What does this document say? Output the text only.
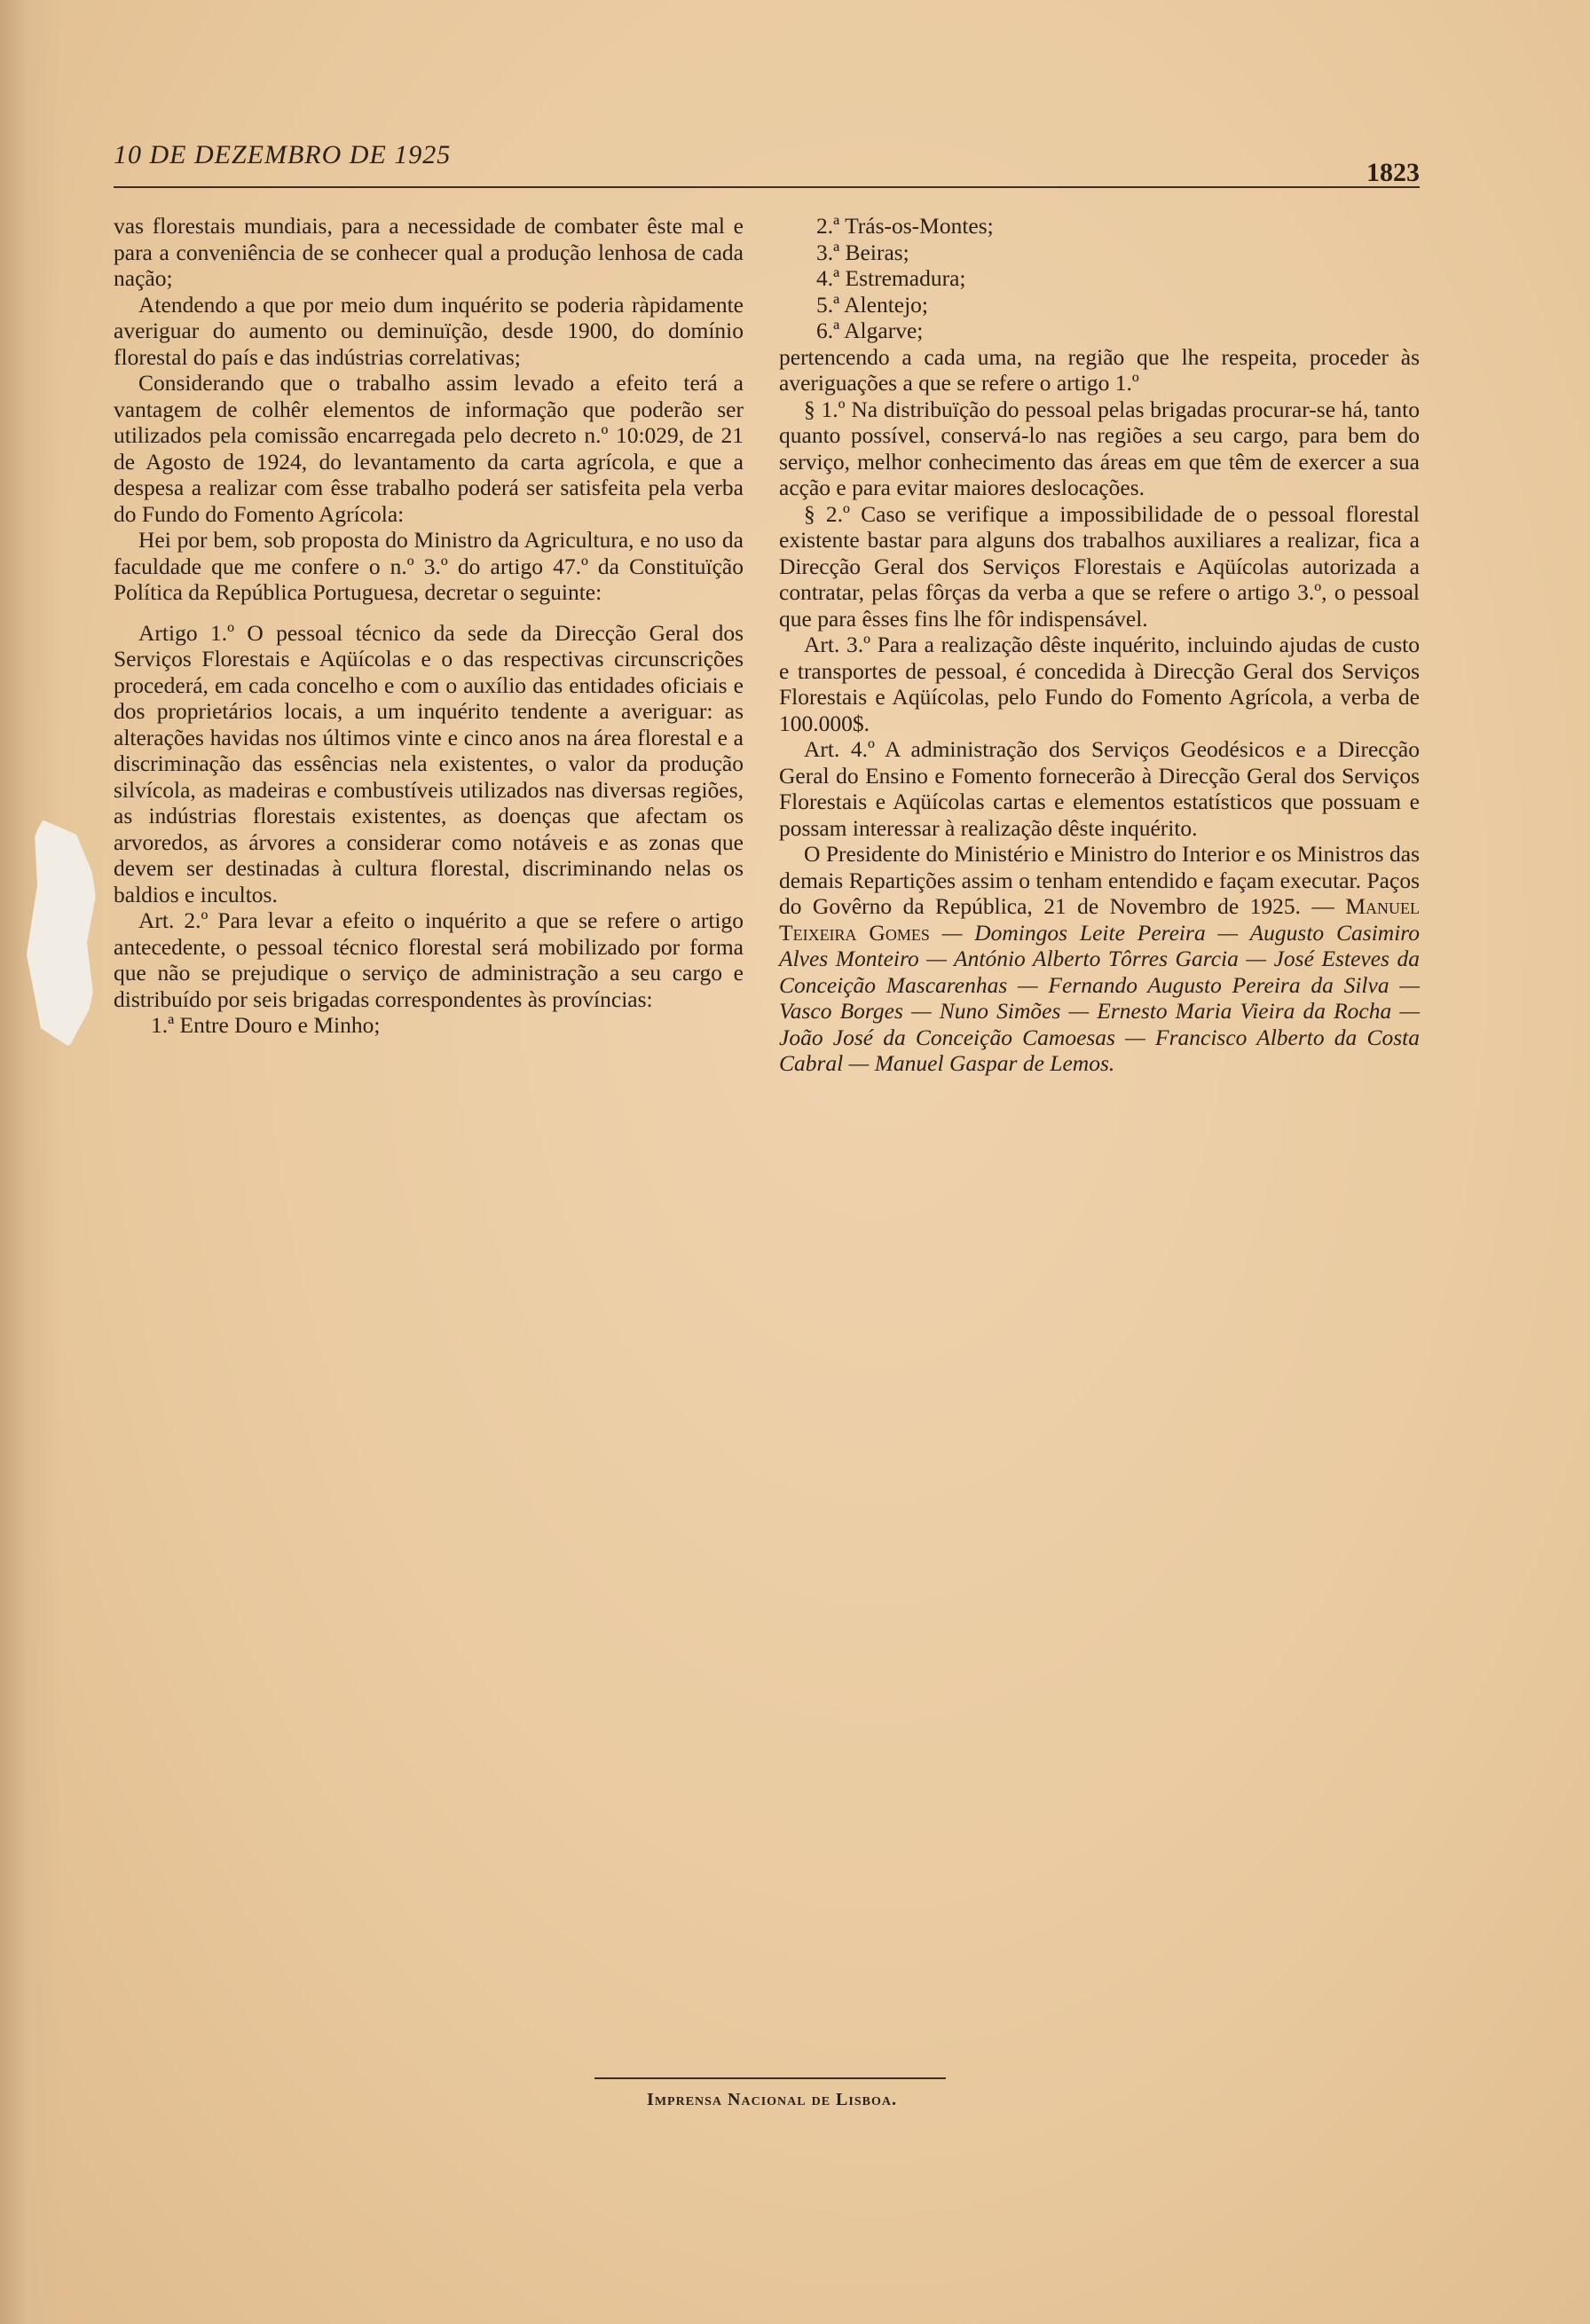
10 DE DEZEMBRO DE 1925
1823

vas florestais mundiais, para a necessidade de combater êste mal e para a conveniência de se conhecer qual a produção lenhosa de cada nação;

Atendendo a que por meio dum inquérito se poderia ràpidamente averiguar do aumento ou deminuïção, desde 1900, do domínio florestal do país e das indústrias correlativas;

Considerando que o trabalho assim levado a efeito terá a vantagem de colhêr elementos de informação que poderão ser utilizados pela comissão encarregada pelo decreto n.º 10:029, de 21 de Agosto de 1924, do levantamento da carta agrícola, e que a despesa a realizar com êsse trabalho poderá ser satisfeita pela verba do Fundo do Fomento Agrícola:

Hei por bem, sob proposta do Ministro da Agricultura, e no uso da faculdade que me confere o n.º 3.º do artigo 47.º da Constituïção Política da República Portuguesa, decretar o seguinte:

Artigo 1.º O pessoal técnico da sede da Direcção Geral dos Serviços Florestais e Aqüícolas e o das respectivas circunscrições procederá, em cada concelho e com o auxílio das entidades oficiais e dos proprietários locais, a um inquérito tendente a averiguar: as alterações havidas nos últimos vinte e cinco anos na área florestal e a discriminação das essências nela existentes, o valor da produção silvícola, as madeiras e combustíveis utilizados nas diversas regiões, as indústrias florestais existentes, as doenças que afectam os arvoredos, as árvores a considerar como notáveis e as zonas que devem ser destinadas à cultura florestal, discriminando nelas os baldios e incultos.

Art. 2.º Para levar a efeito o inquérito a que se refere o artigo antecedente, o pessoal técnico florestal será mobilizado por forma que não se prejudique o serviço de administração a seu cargo e distribuído por seis brigadas correspondentes às províncias:

1.ª Entre Douro e Minho;

2.ª Trás-os-Montes;

3.ª Beiras;

4.ª Estremadura;

5.ª Alentejo;

6.ª Algarve;

pertencendo a cada uma, na região que lhe respeita, proceder às averiguações a que se refere o artigo 1.º

§ 1.º Na distribuïção do pessoal pelas brigadas procurar-se há, tanto quanto possível, conservá-lo nas regiões a seu cargo, para bem do serviço, melhor conhecimento das áreas em que têm de exercer a sua acção e para evitar maiores deslocações.

§ 2.º Caso se verifique a impossibilidade de o pessoal florestal existente bastar para alguns dos trabalhos auxiliares a realizar, fica a Direcção Geral dos Serviços Florestais e Aqüícolas autorizada a contratar, pelas fôrças da verba a que se refere o artigo 3.º, o pessoal que para êsses fins lhe fôr indispensável.

Art. 3.º Para a realização dêste inquérito, incluindo ajudas de custo e transportes de pessoal, é concedida à Direcção Geral dos Serviços Florestais e Aqüícolas, pelo Fundo do Fomento Agrícola, a verba de 100.000$.

Art. 4.º A administração dos Serviços Geodésicos e a Direcção Geral do Ensino e Fomento fornecerão à Direcção Geral dos Serviços Florestais e Aqüícolas cartas e elementos estatísticos que possuam e possam interessar à realização dêste inquérito.

O Presidente do Ministério e Ministro do Interior e os Ministros das demais Repartições assim o tenham entendido e façam executar. Paços do Govêrno da República, 21 de Novembro de 1925. — Manuel Teixeira Gomes — Domingos Leite Pereira — Augusto Casimiro Alves Monteiro — António Alberto Tôrres Garcia — José Esteves da Conceição Mascarenhas — Fernando Augusto Pereira da Silva — Vasco Borges — Nuno Simões — Ernesto Maria Vieira da Rocha — João José da Conceição Camoesas — Francisco Alberto da Costa Cabral — Manuel Gaspar de Lemos.

Imprensa Nacional de Lisboa.
